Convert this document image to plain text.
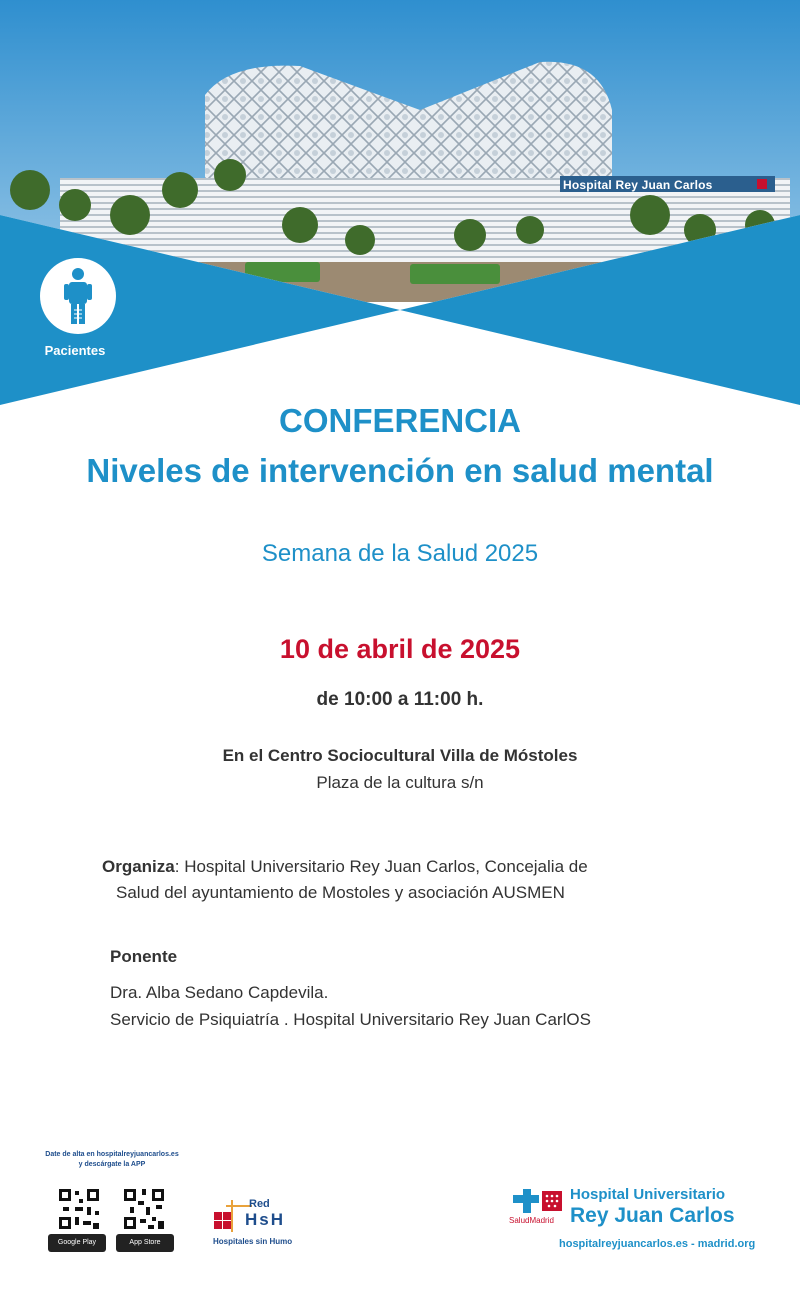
Hospital Rey Juan Carlos
Pacientes
CONFERENCIA
Niveles de intervención en salud mental
Semana de la Salud 2025
10 de abril de 2025
de 10:00 a 11:00 h.
En el Centro Sociocultural Villa de Móstoles
Plaza de la cultura s/n
Organiza: Hospital Universitario Rey Juan Carlos, Concejalia de
Salud del ayuntamiento de Mostoles y asociación AUSMEN
Ponente
Dra. Alba Sedano Capdevila.
Servicio de Psiquiatría . Hospital Universitario Rey Juan CarlOS
Date de alta en hospitalreyjuancarlos.es
y descárgate la APP
Google Play	App Store
Red
HsH
Hospitales sin Humo
SaludMadrid
Hospital Universitario
Rey Juan Carlos
hospitalreyjuancarlos.es - madrid.org
